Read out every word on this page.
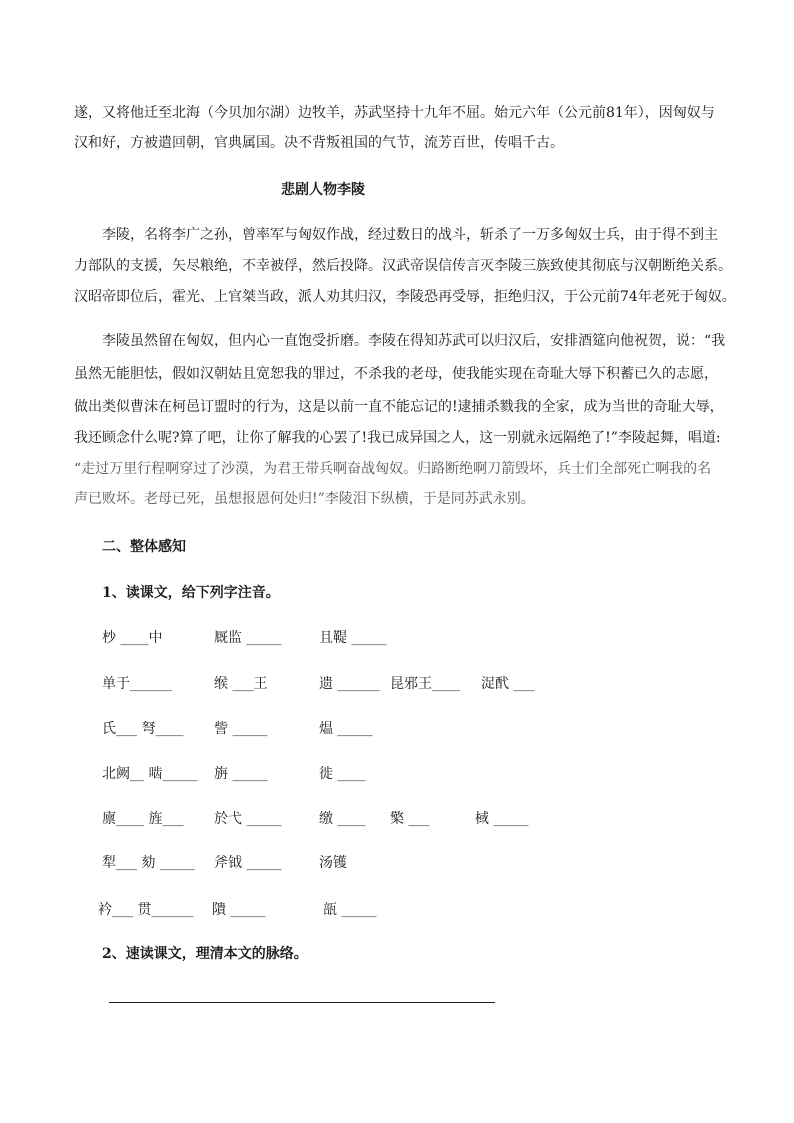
遂，又将他迁至北海（今贝加尔湖）边牧羊，苏武坚持十九年不屈。始元六年（公元前81年），因匈奴与
汉和好，方被遣回朝，官典属国。决不背叛祖国的气节，流芳百世，传唱千古。
悲剧人物李陵
李陵，名将李广之孙，曾率军与匈奴作战，经过数日的战斗，斩杀了一万多匈奴士兵，由于得不到主
力部队的支援，矢尽粮绝，不幸被俘，然后投降。汉武帝误信传言灭李陵三族致使其彻底与汉朝断绝关系。
汉昭帝即位后，霍光、上官桀当政，派人劝其归汉，李陵恐再受辱，拒绝归汉，于公元前74年老死于匈奴。
李陵虽然留在匈奴，但内心一直饱受折磨。李陵在得知苏武可以归汉后，安排酒筵向他祝贺，说：“我
虽然无能胆怯，假如汉朝姑且宽恕我的罪过，不杀我的老母，使我能实现在奇耻大辱下积蓄已久的志愿，
做出类似曹沫在柯邑订盟时的行为，这是以前一直不能忘记的!逮捕杀戮我的全家，成为当世的奇耻大辱，
我还顾念什么呢?算了吧，让你了解我的心罢了!我已成异国之人，这一别就永远隔绝了!”李陵起舞，唱道:
“走过万里行程啊穿过了沙漠，为君王带兵啊奋战匈奴。归路断绝啊刀箭毁坏，兵士们全部死亡啊我的名
声已败坏。老母已死，虽想报恩何处归!”李陵泪下纵横，于是同苏武永别。
二、整体感知
1、读课文，给下列字注音。
杪 ____中	厩监 _____	且鞮 _____
单于______	缑 ___王	遗 ______ 昆邪王____ 浞䣧 ___
氏___ 弩____ 訾 _____	煴 _____
北阙__ 啮_____ 旃 _____	徙 ____
廪____ 旌___ 於弋 _____	缴 ____ 檠 ___	棫 _____
犁___ 劾 _____ 斧钺 _____	汤镬
衿___ 贯______ 隤 _____	瓿 _____
2、速读课文，理清本文的脉络。
